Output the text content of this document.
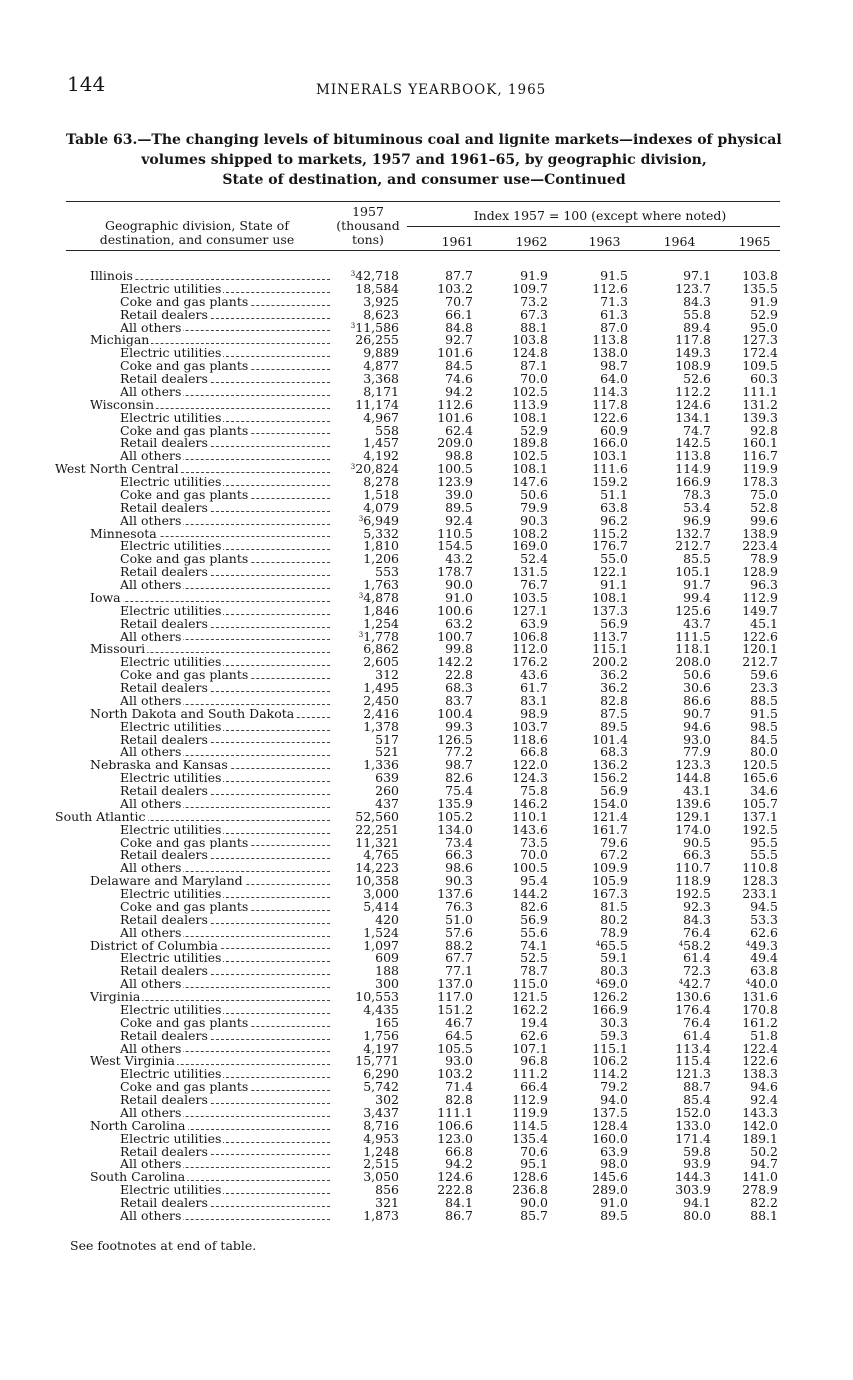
144	MINERALS YEARBOOK, 1965
Table 63.—The changing levels of bituminous coal and lignite markets—indexes of physical
volumes shipped to markets, 1957 and 1961–65, by geographic division,
State of destination, and consumer use—Continued
Geographic division, State of
destination, and consumer use
1957
(thousand
tons)
Index 1957 = 100 (except where noted)
1961	1962	1963	1964	1965
Illinois	$^3$42,718	87.7	91.9	91.5	97.1	103.8
Electric utilities	18,584	103.2	109.7	112.6	123.7	135.5
Coke and gas plants	3,925	70.7	73.2	71.3	84.3	91.9
Retail dealers	8,623	66.1	67.3	61.3	55.8	52.9
All others	$^3$11,586	84.8	88.1	87.0	89.4	95.0
Michigan	26,255	92.7	103.8	113.8	117.8	127.3
Electric utilities	9,889	101.6	124.8	138.0	149.3	172.4
Coke and gas plants	4,877	84.5	87.1	98.7	108.9	109.5
Retail dealers	3,368	74.6	70.0	64.0	52.6	60.3
All others	8,171	94.2	102.5	114.3	112.2	111.1
Wisconsin	11,174	112.6	113.9	117.8	124.6	131.2
Electric utilities	4,967	101.6	108.1	122.6	134.1	139.3
Coke and gas plants	558	62.4	52.9	60.9	74.7	92.8
Retail dealers	1,457	209.0	189.8	166.0	142.5	160.1
All others	4,192	98.8	102.5	103.1	113.8	116.7
West North Central	$^3$20,824	100.5	108.1	111.6	114.9	119.9
Electric utilities	8,278	123.9	147.6	159.2	166.9	178.3
Coke and gas plants	1,518	39.0	50.6	51.1	78.3	75.0
Retail dealers	4,079	89.5	79.9	63.8	53.4	52.8
All others	$^3$6,949	92.4	90.3	96.2	96.9	99.6
Minnesota	5,332	110.5	108.2	115.2	132.7	138.9
Electric utilities	1,810	154.5	169.0	176.7	212.7	223.4
Coke and gas plants	1,206	43.2	52.4	55.0	85.5	78.9
Retail dealers	553	178.7	131.5	122.1	105.1	128.9
All others	1,763	90.0	76.7	91.1	91.7	96.3
Iowa	$^3$4,878	91.0	103.5	108.1	99.4	112.9
Electric utilities	1,846	100.6	127.1	137.3	125.6	149.7
Retail dealers	1,254	63.2	63.9	56.9	43.7	45.1
All others	$^3$1,778	100.7	106.8	113.7	111.5	122.6
Missouri	6,862	99.8	112.0	115.1	118.1	120.1
Electric utilities	2,605	142.2	176.2	200.2	208.0	212.7
Coke and gas plants	312	22.8	43.6	36.2	50.6	59.6
Retail dealers	1,495	68.3	61.7	36.2	30.6	23.3
All others	2,450	83.7	83.1	82.8	86.6	88.5
North Dakota and South Dakota	2,416	100.4	98.9	87.5	90.7	91.5
Electric utilities	1,378	99.3	103.7	89.5	94.6	98.5
Retail dealers	517	126.5	118.6	101.4	93.0	84.5
All others	521	77.2	66.8	68.3	77.9	80.0
Nebraska and Kansas	1,336	98.7	122.0	136.2	123.3	120.5
Electric utilities	639	82.6	124.3	156.2	144.8	165.6
Retail dealers	260	75.4	75.8	56.9	43.1	34.6
All others	437	135.9	146.2	154.0	139.6	105.7
South Atlantic	52,560	105.2	110.1	121.4	129.1	137.1
Electric utilities	22,251	134.0	143.6	161.7	174.0	192.5
Coke and gas plants	11,321	73.4	73.5	79.6	90.5	95.5
Retail dealers	4,765	66.3	70.0	67.2	66.3	55.5
All others	14,223	98.6	100.5	109.9	110.7	110.8
Delaware and Maryland	10,358	90.3	95.4	105.9	118.9	128.3
Electric utilities	3,000	137.6	144.2	167.3	192.5	233.1
Coke and gas plants	5,414	76.3	82.6	81.5	92.3	94.5
Retail dealers	420	51.0	56.9	80.2	84.3	53.3
All others	1,524	57.6	55.6	78.9	76.4	62.6
District of Columbia	1,097	88.2	74.1	$^4$65.5	$^4$58.2	$^4$49.3
Electric utilities	609	67.7	52.5	59.1	61.4	49.4
Retail dealers	188	77.1	78.7	80.3	72.3	63.8
All others	300	137.0	115.0	$^4$69.0	$^4$42.7	$^4$40.0
Virginia	10,553	117.0	121.5	126.2	130.6	131.6
Electric utilities	4,435	151.2	162.2	166.9	176.4	170.8
Coke and gas plants	165	46.7	19.4	30.3	76.4	161.2
Retail dealers	1,756	64.5	62.6	59.3	61.4	51.8
All others	4,197	105.5	107.1	115.1	113.4	122.4
West Virginia	15,771	93.0	96.8	106.2	115.4	122.6
Electric utilities	6,290	103.2	111.2	114.2	121.3	138.3
Coke and gas plants	5,742	71.4	66.4	79.2	88.7	94.6
Retail dealers	302	82.8	112.9	94.0	85.4	92.4
All others	3,437	111.1	119.9	137.5	152.0	143.3
North Carolina	8,716	106.6	114.5	128.4	133.0	142.0
Electric utilities	4,953	123.0	135.4	160.0	171.4	189.1
Retail dealers	1,248	66.8	70.6	63.9	59.8	50.2
All others	2,515	94.2	95.1	98.0	93.9	94.7
South Carolina	3,050	124.6	128.6	145.6	144.3	141.0
Electric utilities	856	222.8	236.8	289.0	303.9	278.9
Retail dealers	321	84.1	90.0	91.0	94.1	82.2
All others	1,873	86.7	85.7	89.5	80.0	88.1
See footnotes at end of table.
